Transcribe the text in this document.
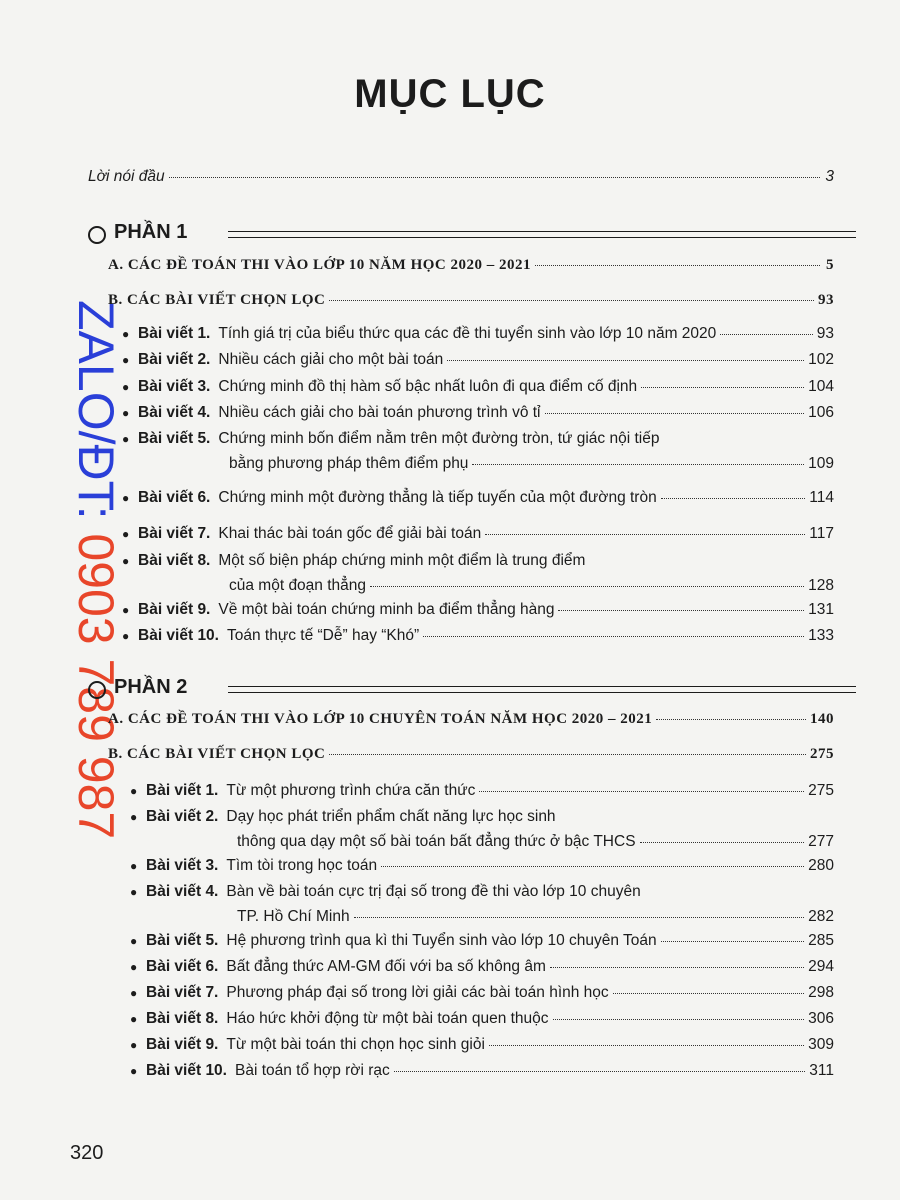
MỤC LỤC
ZALO/ĐT: 0903 789 987
Lời nói đầu	3
PHẦN 1
A. CÁC ĐỀ TOÁN THI VÀO LỚP 10 NĂM HỌC 2020 – 2021	5
B. CÁC BÀI VIẾT CHỌN LỌC	93
● Bài viết 1. Tính giá trị của biểu thức qua các đề thi tuyển sinh vào lớp 10 năm 2020	93
● Bài viết 2. Nhiều cách giải cho một bài toán	102
● Bài viết 3. Chứng minh đồ thị hàm số bậc nhất luôn đi qua điểm cố định	104
● Bài viết 4. Nhiều cách giải cho bài toán phương trình vô tỉ	106
● Bài viết 5. Chứng minh bốn điểm nằm trên một đường tròn, tứ giác nội tiếp
bằng phương pháp thêm điểm phụ	109
● Bài viết 6. Chứng minh một đường thẳng là tiếp tuyến của một đường tròn	114
● Bài viết 7. Khai thác bài toán gốc để giải bài toán	117
● Bài viết 8. Một số biện pháp chứng minh một điểm là trung điểm
của một đoạn thẳng	128
● Bài viết 9. Về một bài toán chứng minh ba điểm thẳng hàng	131
● Bài viết 10. Toán thực tế “Dễ” hay “Khó”	133
PHẦN 2
A. CÁC ĐỀ TOÁN THI VÀO LỚP 10 CHUYÊN TOÁN NĂM HỌC 2020 – 2021	140
B. CÁC BÀI VIẾT CHỌN LỌC	275
● Bài viết 1. Từ một phương trình chứa căn thức	275
● Bài viết 2. Dạy học phát triển phẩm chất năng lực học sinh
thông qua dạy một số bài toán bất đẳng thức ở bậc THCS	277
● Bài viết 3. Tìm tòi trong học toán	280
● Bài viết 4. Bàn về bài toán cực trị đại số trong đề thi vào lớp 10 chuyên
TP. Hồ Chí Minh	282
● Bài viết 5. Hệ phương trình qua kì thi Tuyển sinh vào lớp 10 chuyên Toán	285
● Bài viết 6. Bất đẳng thức AM-GM đối với ba số không âm	294
● Bài viết 7. Phương pháp đại số trong lời giải các bài toán hình học	298
● Bài viết 8. Háo hức khởi động từ một bài toán quen thuộc	306
● Bài viết 9. Từ một bài toán thi chọn học sinh giỏi	309
● Bài viết 10. Bài toán tổ hợp rời rạc	311
320
